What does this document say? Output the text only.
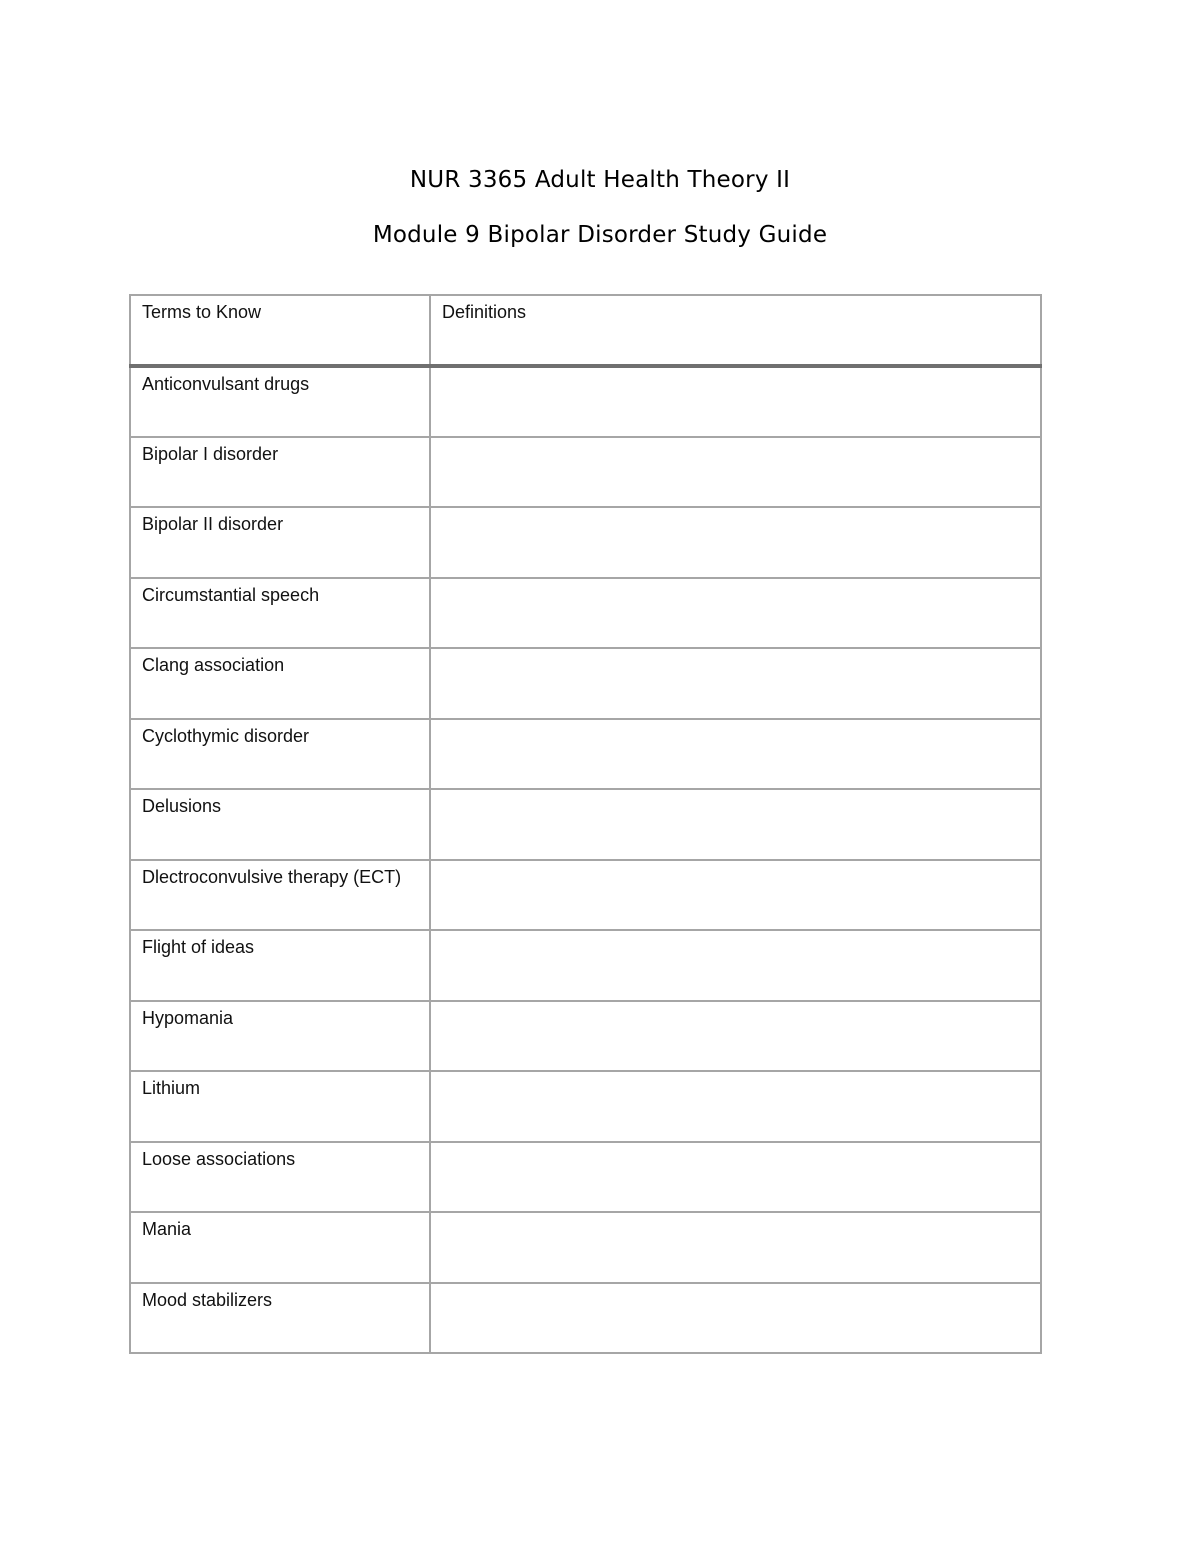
NUR 3365 Adult Health Theory II
Module 9 Bipolar Disorder Study Guide
Terms to Know	Definitions
Anticonvulsant drugs	
Bipolar I disorder	
Bipolar II disorder	
Circumstantial speech	
Clang association	
Cyclothymic disorder	
Delusions	
Dlectroconvulsive therapy (ECT)	
Flight of ideas	
Hypomania	
Lithium	
Loose associations	
Mania	
Mood stabilizers	
